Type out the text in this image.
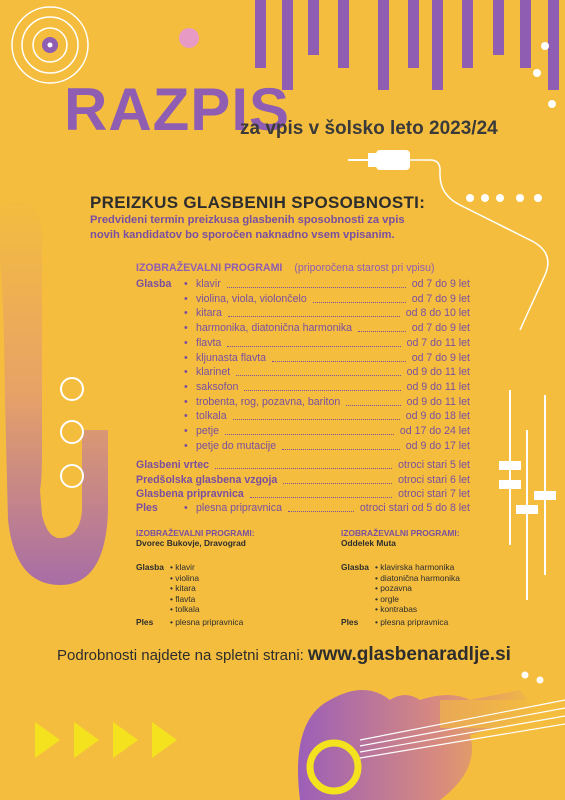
RAZPIS
za vpis v šolsko leto 2023/24
PREIZKUS GLASBENIH SPOSOBNOSTI:
Predvideni termin preizkusa glasbenih sposobnosti za vpis
novih kandidatov bo sporočen naknadno vsem vpisanim.
IZOBRAŽEVALNI PROGRAMI (priporočena starost pri vpisu)
Glasba • klavir	od 7 do 9 let
• violina, viola, violončelo	od 7 do 9 let
• kitara	od 8 do 10 let
• harmonika, diatonična harmonika	od 7 do 9 let
• flavta	od 7 do 11 let
• kljunasta flavta	od 7 do 9 let
• klarinet	od 9 do 11 let
• saksofon	od 9 do 11 let
• trobenta, rog, pozavna, bariton	od 9 do 11 let
• tolkala	od 9 do 18 let
• petje	od 17 do 24 let
• petje do mutacije	od 9 do 17 let
Glasbeni vrtec	otroci stari 5 let
Predšolska glasbena vzgoja	otroci stari 6 let
Glasbena pripravnica	otroci stari 7 let
Ples • plesna pripravnica	otroci stari od 5 do 8 let
IZOBRAŽEVALNI PROGRAMI:
Dvorec Bukovje, Dravograd
Glasba	• klavir
• violina
• kitara
• flavta
• tolkala
Ples	• plesna pripravnica
IZOBRAŽEVALNI PROGRAMI:
Oddelek Muta
Glasba	• klavirska harmonika
• diatonična harmonika
• pozavna
• orgle
• kontrabas
Ples	• plesna pripravnica
Podrobnosti najdete na spletni strani: www.glasbenaradlje.si
